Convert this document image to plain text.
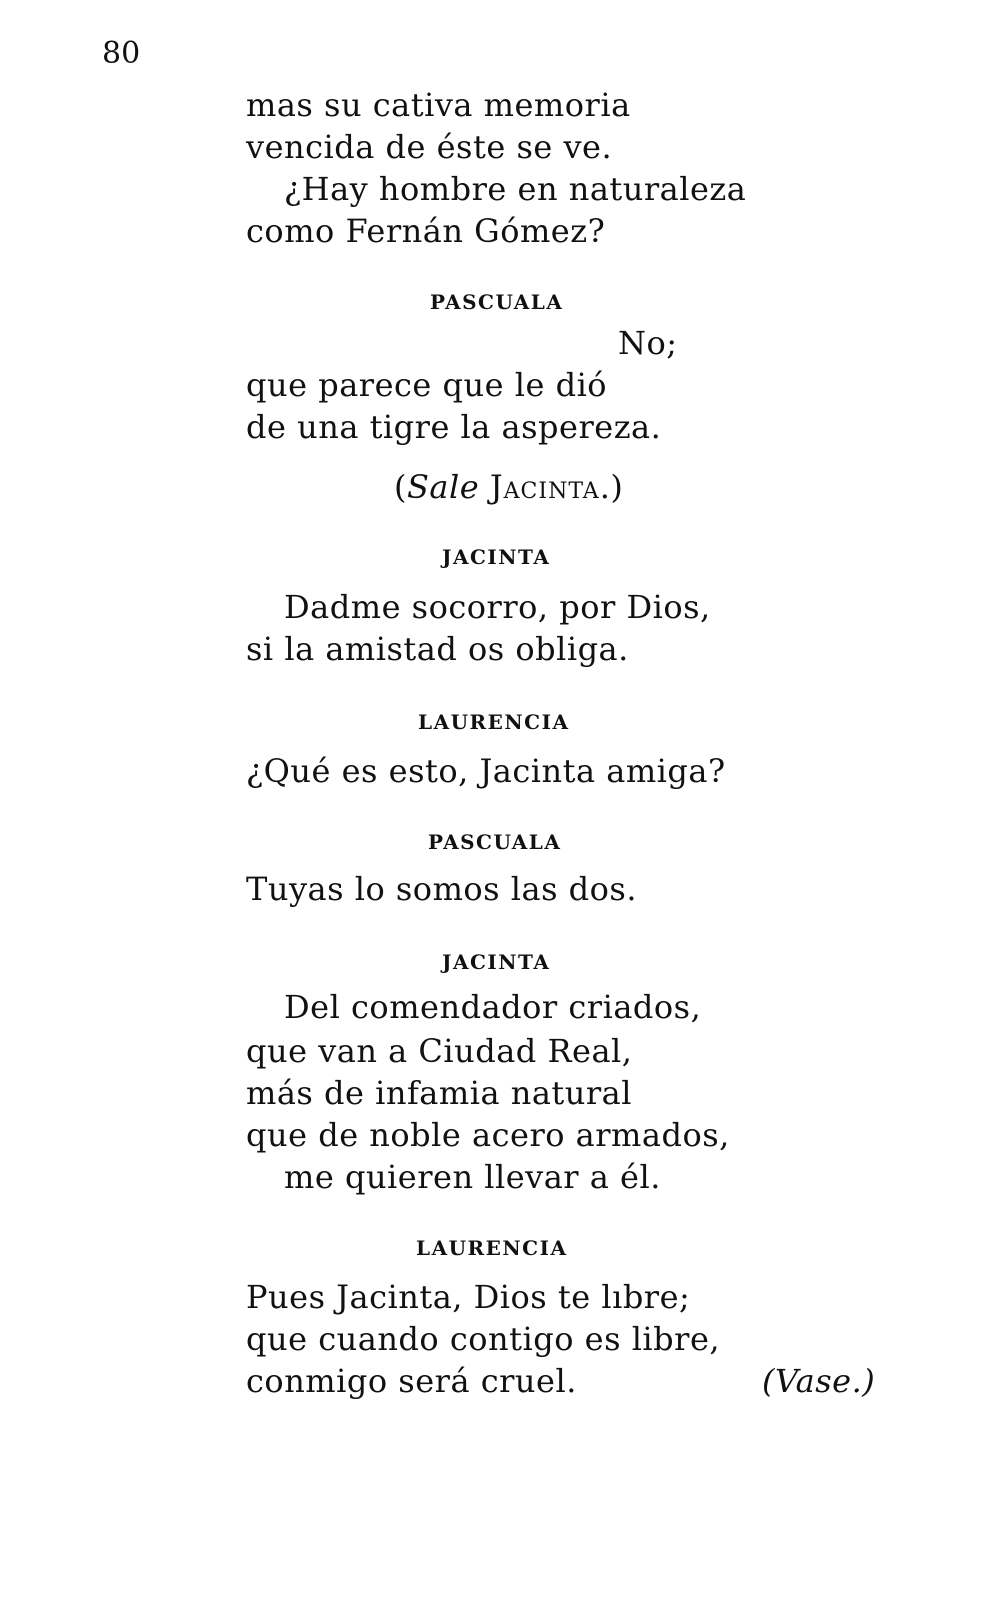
80
mas su cativa memoria
vencida de éste se ve.
¿Hay hombre en naturaleza
como Fernán Gómez?
PASCUALA
No;
que parece que le dió
de una tigre la aspereza.
(Sale Jacinta.)
JACINTA
Dadme socorro, por Dios,
si la amistad os obliga.
LAURENCIA
¿Qué es esto, Jacinta amiga?
PASCUALA
Tuyas lo somos las dos.
JACINTA
Del comendador criados,
que van a Ciudad Real,
más de infamia natural
que de noble acero armados,
me quieren llevar a él.
LAURENCIA
Pues Jacinta, Dios te lıbre;
que cuando contigo es libre,
conmigo será cruel.	(Vase.)
